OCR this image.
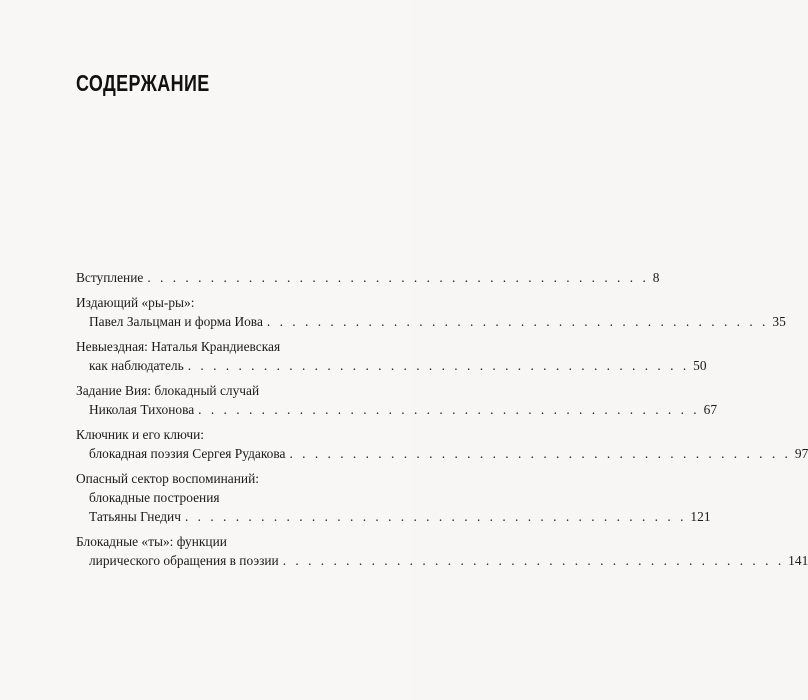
СОДЕРЖАНИЕ
Вступление . . . . . . . . . . . . . . . . . . . . . . . . . . . . . . . . . . . . . . . . 8
Издающий «ры-ры»:
Павел Зальцман и форма Иова . . . . . . . . . . . . . . . . . . . . . . . . . . . . . . . . . . . . . . . . 35
Невыездная: Наталья Крандиевская
как наблюдатель . . . . . . . . . . . . . . . . . . . . . . . . . . . . . . . . . . . . . . . . 50
Задание Вия: блокадный случай
Николая Тихонова . . . . . . . . . . . . . . . . . . . . . . . . . . . . . . . . . . . . . . . . 67
Ключник и его ключи:
блокадная поэзия Сергея Рудакова . . . . . . . . . . . . . . . . . . . . . . . . . . . . . . . . . . . . . . . . 97
Опасный сектор воспоминаний:
блокадные построения
Татьяны Гнедич . . . . . . . . . . . . . . . . . . . . . . . . . . . . . . . . . . . . . . . . 121
Блокадные «ты»: функции
лирического обращения в поэзии . . . . . . . . . . . . . . . . . . . . . . . . . . . . . . . . . . . . . . . . 141
